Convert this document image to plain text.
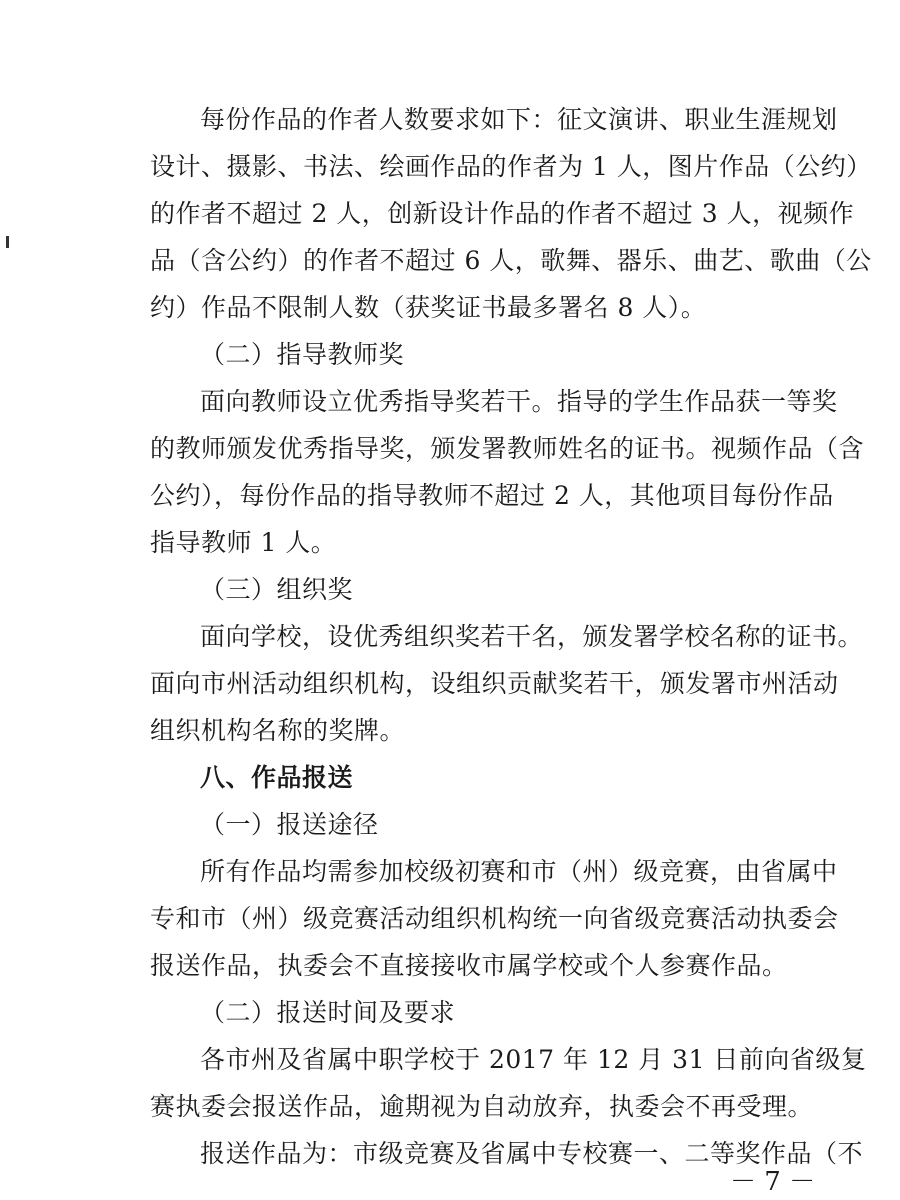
每份作品的作者人数要求如下：征文演讲、职业生涯规划
设计、摄影、书法、绘画作品的作者为 1 人，图片作品（公约）
的作者不超过 2 人，创新设计作品的作者不超过 3 人，视频作
品（含公约）的作者不超过 6 人，歌舞、器乐、曲艺、歌曲（公
约）作品不限制人数（获奖证书最多署名 8 人）。
（二）指导教师奖
面向教师设立优秀指导奖若干。指导的学生作品获一等奖
的教师颁发优秀指导奖，颁发署教师姓名的证书。视频作品（含
公约），每份作品的指导教师不超过 2 人，其他项目每份作品
指导教师 1 人。
（三）组织奖
面向学校，设优秀组织奖若干名，颁发署学校名称的证书。
面向市州活动组织机构，设组织贡献奖若干，颁发署市州活动
组织机构名称的奖牌。
八、作品报送
（一）报送途径
所有作品均需参加校级初赛和市（州）级竞赛，由省属中
专和市（州）级竞赛活动组织机构统一向省级竞赛活动执委会
报送作品，执委会不直接接收市属学校或个人参赛作品。
（二）报送时间及要求
各市州及省属中职学校于 2017 年 12 月 31 日前向省级复
赛执委会报送作品，逾期视为自动放弃，执委会不再受理。
报送作品为：市级竞赛及省属中专校赛一、二等奖作品（不
－ 7 －
